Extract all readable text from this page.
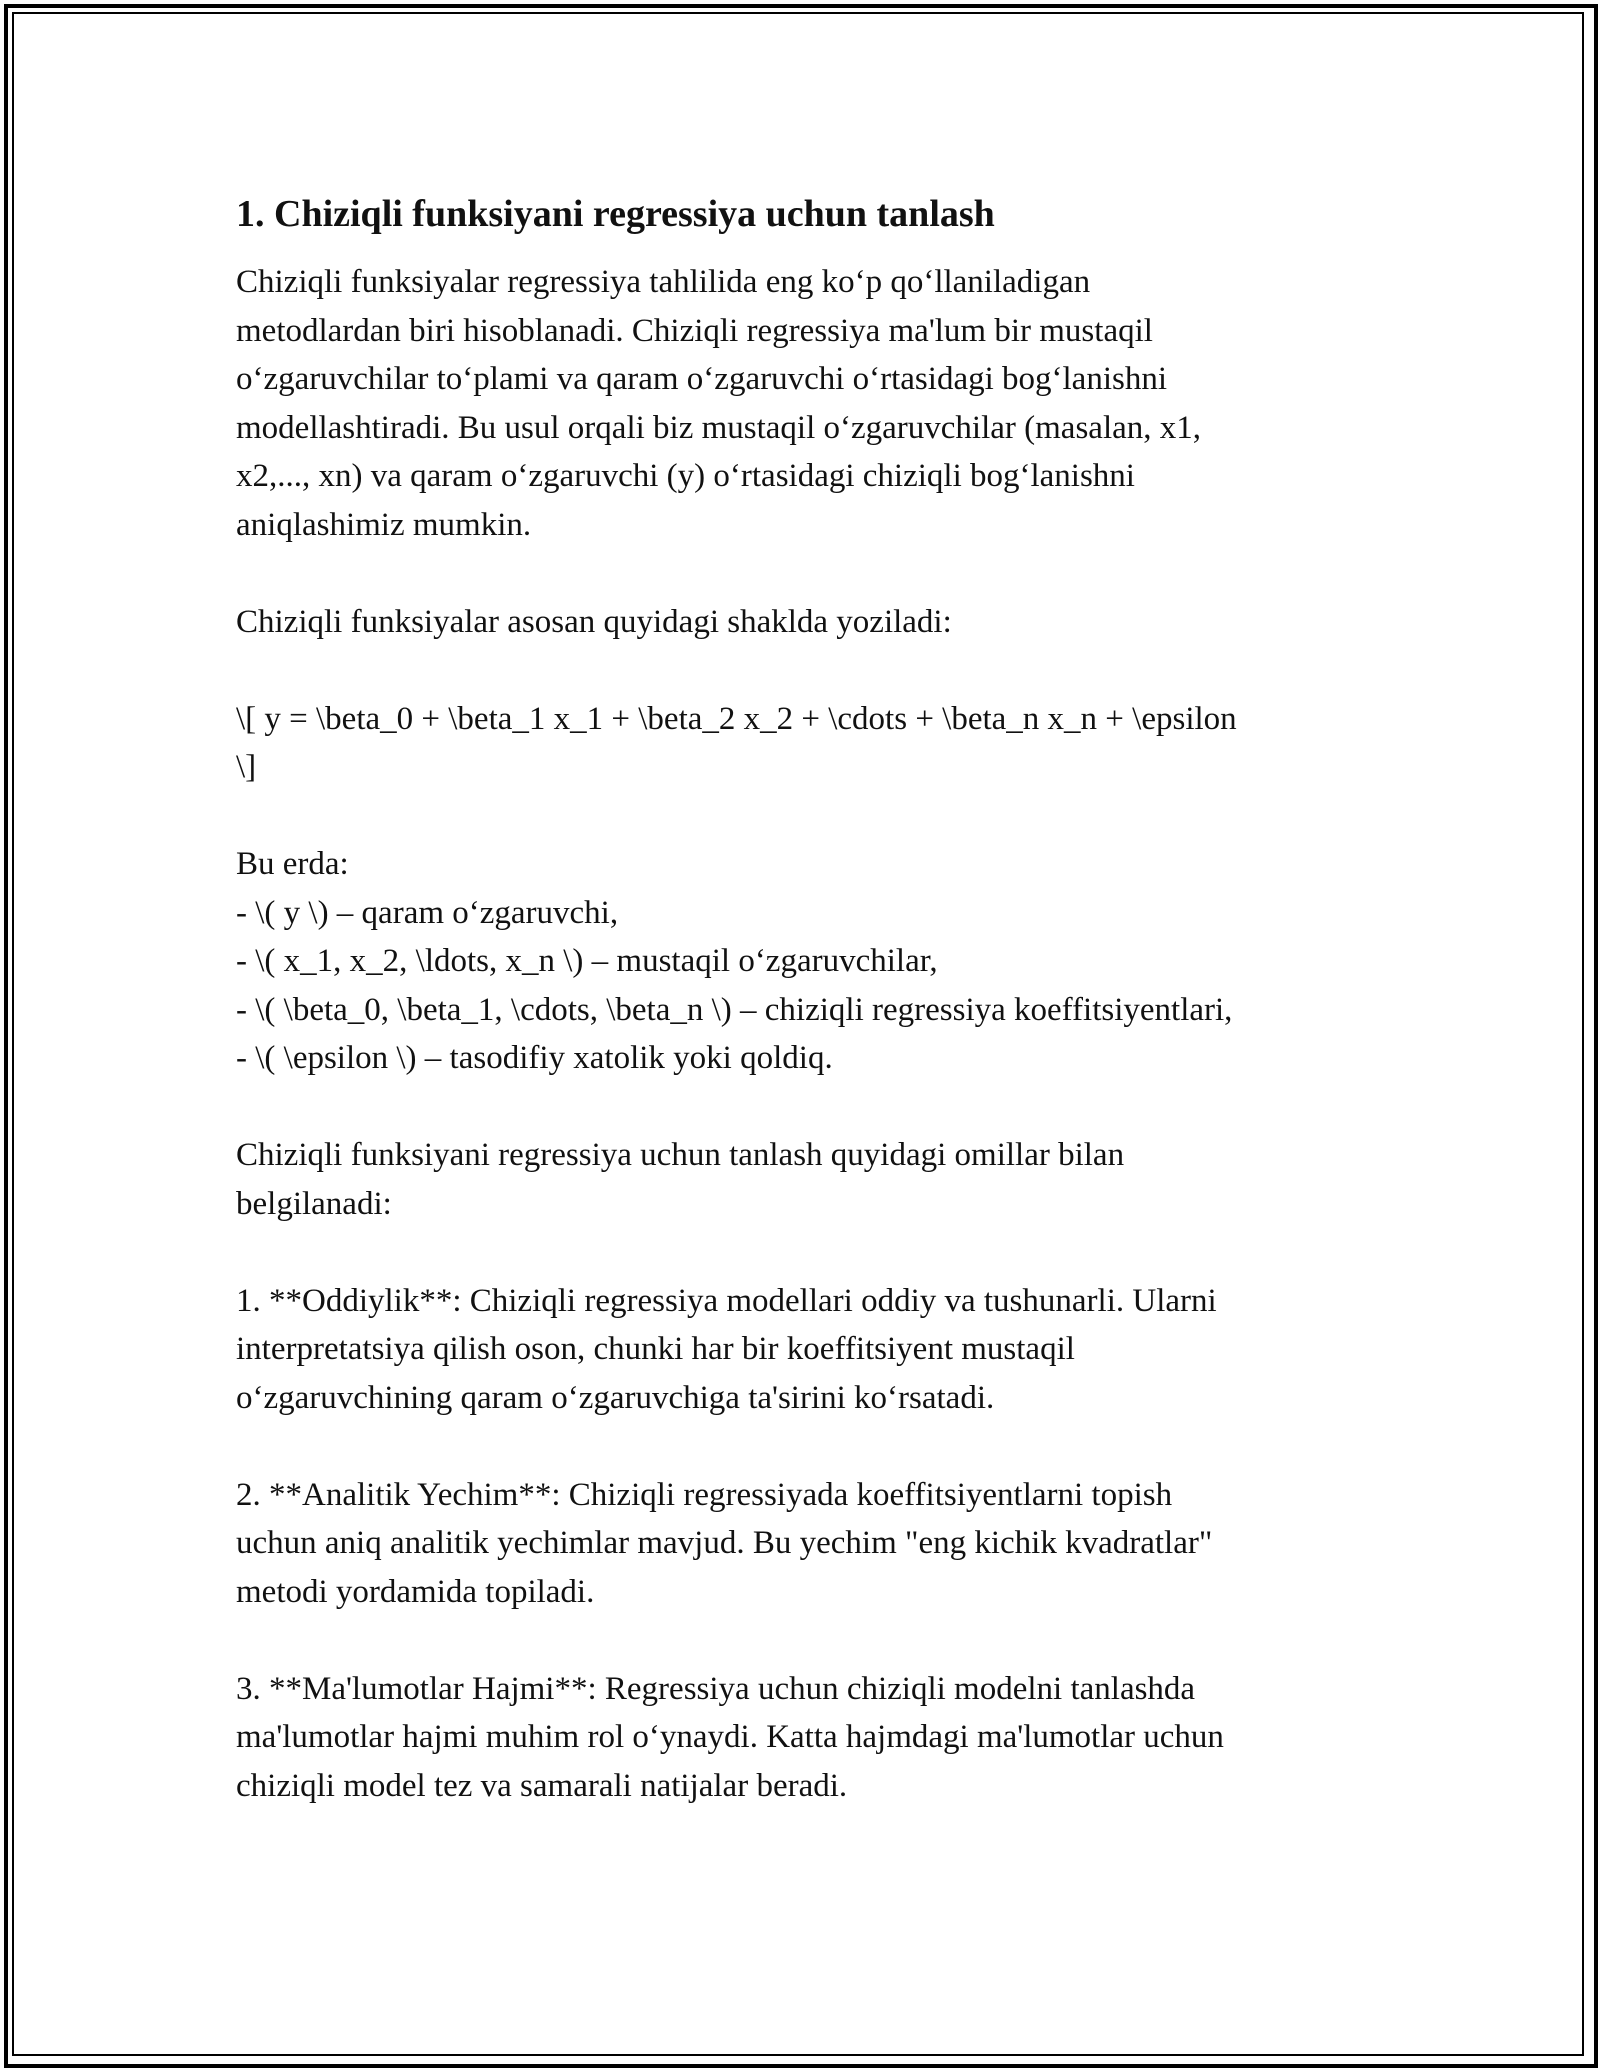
1. Chiziqli funksiyani regressiya uchun tanlash
Chiziqli funksiyalar regressiya tahlilida eng ko‘p qo‘llaniladigan
metodlardan biri hisoblanadi. Chiziqli regressiya ma'lum bir mustaqil
o‘zgaruvchilar to‘plami va qaram o‘zgaruvchi o‘rtasidagi bog‘lanishni
modellashtiradi. Bu usul orqali biz mustaqil o‘zgaruvchilar (masalan, x1,
x2,..., xn) va qaram o‘zgaruvchi (y) o‘rtasidagi chiziqli bog‘lanishni
aniqlashimiz mumkin.
Chiziqli funksiyalar asosan quyidagi shaklda yoziladi:
\[ y = \beta_0 + \beta_1 x_1 + \beta_2 x_2 + \cdots + \beta_n x_n + \epsilon
\]
Bu erda:
- \( y \) – qaram o‘zgaruvchi,
- \( x_1, x_2, \ldots, x_n \) – mustaqil o‘zgaruvchilar,
- \( \beta_0, \beta_1, \cdots, \beta_n \) – chiziqli regressiya koeffitsiyentlari,
- \( \epsilon \) – tasodifiy xatolik yoki qoldiq.
Chiziqli funksiyani regressiya uchun tanlash quyidagi omillar bilan
belgilanadi:
1. **Oddiylik**: Chiziqli regressiya modellari oddiy va tushunarli. Ularni
interpretatsiya qilish oson, chunki har bir koeffitsiyent mustaqil
o‘zgaruvchining qaram o‘zgaruvchiga ta'sirini ko‘rsatadi.
2. **Analitik Yechim**: Chiziqli regressiyada koeffitsiyentlarni topish
uchun aniq analitik yechimlar mavjud. Bu yechim "eng kichik kvadratlar"
metodi yordamida topiladi.
3. **Ma'lumotlar Hajmi**: Regressiya uchun chiziqli modelni tanlashda
ma'lumotlar hajmi muhim rol o‘ynaydi. Katta hajmdagi ma'lumotlar uchun
chiziqli model tez va samarali natijalar beradi.
